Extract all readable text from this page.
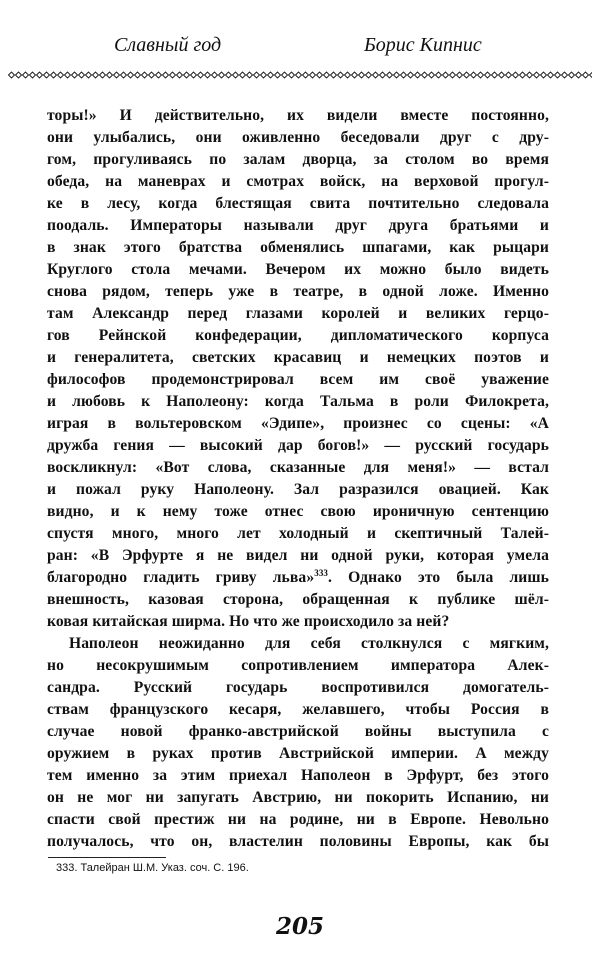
Славный год	Борис Кипнис
торы!» И действительно, их видели вместе постоянно,
они улыбались, они оживленно беседовали друг с дру-
гом, прогуливаясь по залам дворца, за столом во время
обеда, на маневрах и смотрах войск, на верховой прогул-
ке в лесу, когда блестящая свита почтительно следовала
поодаль. Императоры называли друг друга братьями и
в знак этого братства обменялись шпагами, как рыцари
Круглого стола мечами. Вечером их можно было видеть
снова рядом, теперь уже в театре, в одной ложе. Именно
там Александр перед глазами королей и великих герцо-
гов Рейнской конфедерации, дипломатического корпуса
и генералитета, светских красавиц и немецких поэтов и
философов продемонстрировал всем им своё уважение
и любовь к Наполеону: когда Тальма в роли Филокрета,
играя в вольтеровском «Эдипе», произнес со сцены: «А
дружба гения — высокий дар богов!» — русский государь
воскликнул: «Вот слова, сказанные для меня!» — встал
и пожал руку Наполеону. Зал разразился овацией. Как
видно, и к нему тоже отнес свою ироничную сентенцию
спустя много, много лет холодный и скептичный Талей-
ран: «В Эрфурте я не видел ни одной руки, которая умела
благородно гладить гриву льва»$^{333}$. Однако это была лишь
внешность, казовая сторона, обращенная к публике шёл-
ковая китайская ширма. Но что же происходило за ней?
Наполеон неожиданно для себя столкнулся с мягким,
но несокрушимым сопротивлением императора Алек-
сандра. Русский государь воспротивился домогатель-
ствам французского кесаря, желавшего, чтобы Россия в
случае новой франко-австрийской войны выступила с
оружием в руках против Австрийской империи. А между
тем именно за этим приехал Наполеон в Эрфурт, без этого
он не мог ни запугать Австрию, ни покорить Испанию, ни
спасти свой престиж ни на родине, ни в Европе. Невольно
получалось, что он, властелин половины Европы, как бы
333. Талейран Ш.М. Указ. соч. С. 196.
205
